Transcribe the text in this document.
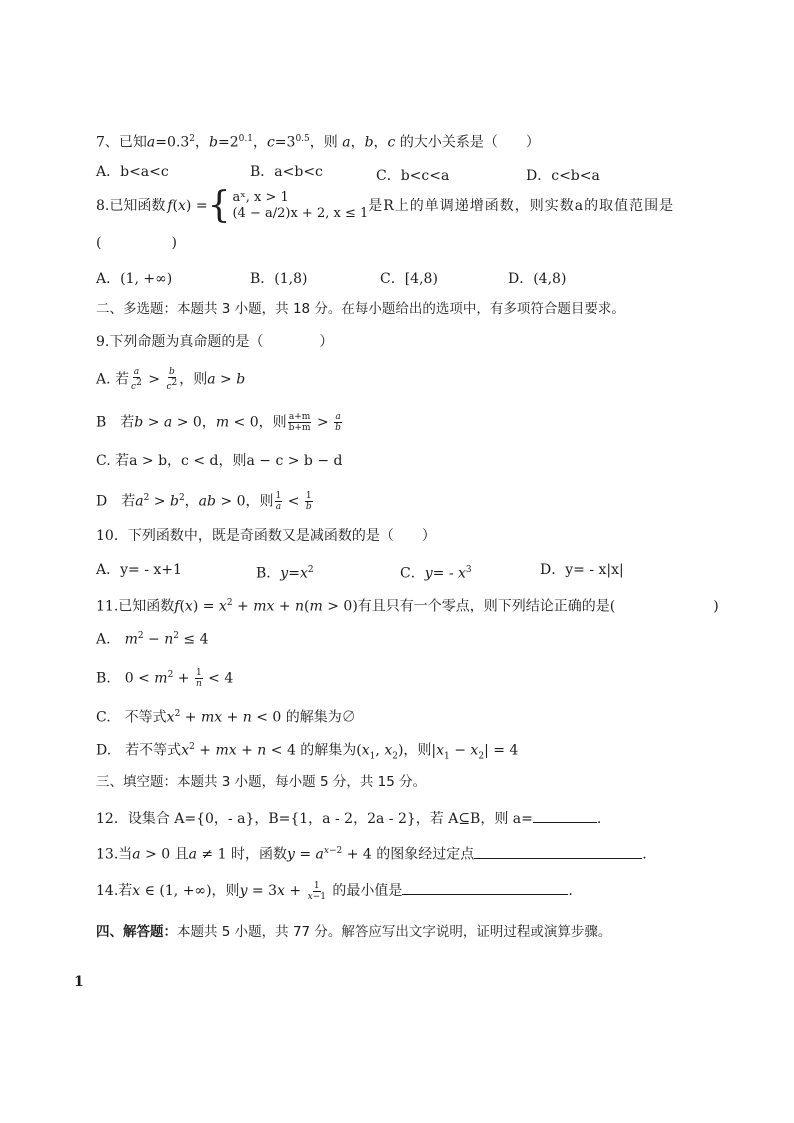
7、已知$a=0.3^2$，$b=2^{0.1}$，$c=3^{0.5}$，则 a，b，c 的大小关系是（　　）
A．b<a<c	B．a<b<c	C．b<c<a	D．c<b<a
8.已知函数 f ( x ) = { aˣ, x > 1
(4 − a/2)x + 2, x ≤ 1 是R上的单调递增函数，则实数a的取值范围是
(　　　　　)
A．(1, +∞)	B．(1,8)	C．[4,8)	D．(4,8)
二、多选题：本题共 3 小题，共 18 分。在每小题给出的选项中，有多项符合题目要求。
9.下列命题为真命题的是（　　　　）
A. 若 $\frac{a}{c^2} > \frac{b}{c^2}$ ，则a > b
B　若b > a > 0，m < 0，则 $\frac{a+m}{b+m} > \frac{a}{b}$
C. 若a > b，c < d，则a − c > b − d
D　若$a^2 > b^2$，ab > 0，则 $\frac{1}{a} < \frac{1}{b}$
10．下列函数中，既是奇函数又是减函数的是（　　）
A．y= - x+1	B．$y=x^2$	C．$y= - x^3$	D．y= - x|x|
11.已知函数$f(x) = x^2$ + mx + n(m > 0)有且只有一个零点，则下列结论正确的是(　　　　　　　)
A.　$m^2 - n^2 \le 4$
B.　$0 < m^2 + \frac{1}{n} < 4$
C.　不等式$x^2$ + mx + n < 0 的解集为∅
D.　若不等式$x^2$ + mx + n < 4 的解集为($x_1$, $x_2$)，则$|x_1 - x_2| = 4$
三、填空题：本题共 3 小题，每小题 5 分，共 15 分。
12．设集合 A={0，- a}，B={1，a - 2，2a - 2}，若 A⊆B，则 a=	.
13.当a > 0 且a ≠ 1 时，函数$y = a^{x-2} + 4$ 的图象经过定点	.
14.若x ∈ (1, +∞)，则$y = 3x + \frac{1}{x-1}$ 的最小值是	.
四、解答题：本题共 5 小题，共 77 分。解答应写出文字说明，证明过程或演算步骤。
1
